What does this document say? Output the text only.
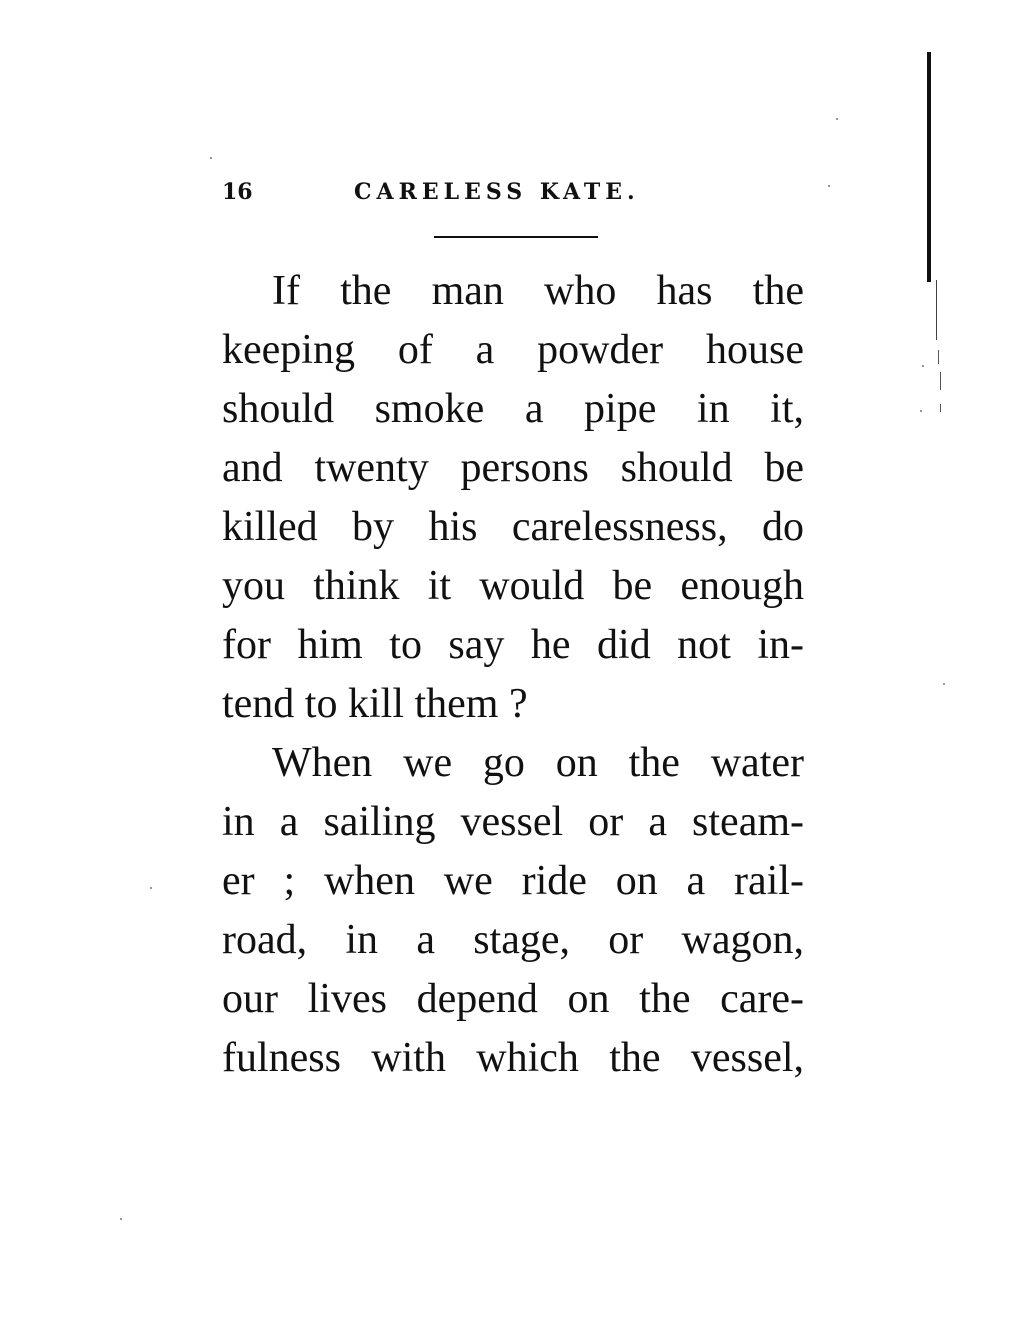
16	CARELESS KATE.
If the man who has the
keeping of a powder house
should smoke a pipe in it,
and twenty persons should be
killed by his carelessness, do
you think it would be enough
for him to say he did not in-
tend to kill them ?
When we go on the water
in a sailing vessel or a steam-
er ; when we ride on a rail-
road, in a stage, or wagon,
our lives depend on the care-
fulness with which the vessel,
